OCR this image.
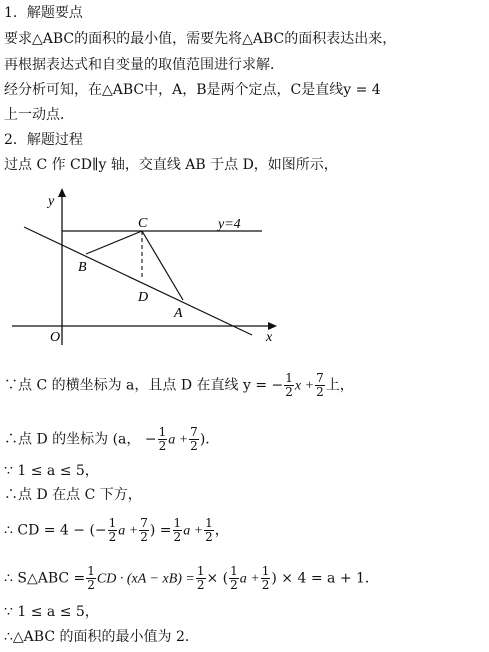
1．解题要点
要求△ABC的面积的最小值，需要先将△ABC的面积表达出来，
再根据表达式和自变量的取值范围进行求解．
经分析可知，在△ABC中，A，B是两个定点，C是直线y = 4
上一动点．
2．解题过程
过点 C 作 CD∥y 轴，交直线 AB 于点 D，如图所示，
y
x
O
C
B
D
A
y=4
∵点 C 的横坐标为 a，且点 D 在直线 y = − $\frac{1}{2}$ $x + \frac{7}{2}$ 上，
∴点 D 的坐标为 (a， − $\frac{1}{2}$ $a + \frac{7}{2}$ )．
∵ 1 ≤ a ≤ 5，
∴点 D 在点 C 下方，
∴ CD = 4 − (− $\frac{1}{2}$ $a + \frac{7}{2}$ ) = $\frac{1}{2}$ $a + \frac{1}{2}$ ，
∴ S△ABC = $\frac{1}{2}$ CD · $(xA - xB) = \frac{1}{2}$ × ( $\frac{1}{2}$ $a + \frac{1}{2}$ ) × 4 = a + 1．
∵ 1 ≤ a ≤ 5，
∴△ABC 的面积的最小值为 2．
